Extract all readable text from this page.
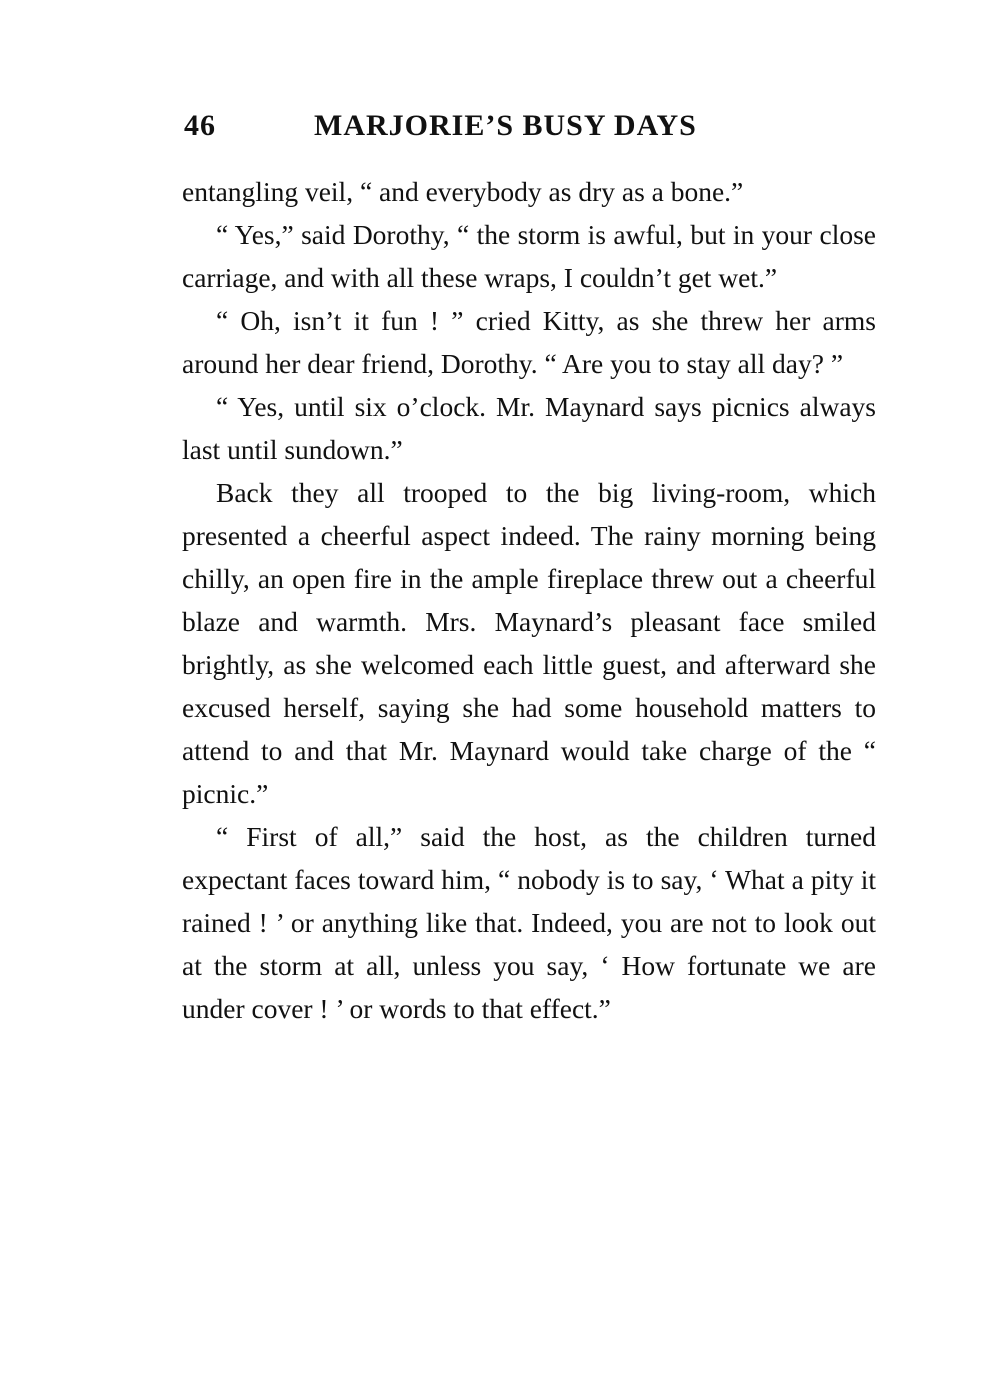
46	MARJORIE’S BUSY DAYS

entangling veil, “ and everybody as dry as a bone.”

“ Yes,” said Dorothy, “ the storm is awful, but in your close carriage, and with all these wraps, I couldn’t get wet.”

“ Oh, isn’t it fun ! ” cried Kitty, as she threw her arms around her dear friend, Dorothy. “ Are you to stay all day? ”

“ Yes, until six o’clock. Mr. Maynard says picnics always last until sundown.”

Back they all trooped to the big living-room, which presented a cheerful aspect indeed. The rainy morning being chilly, an open fire in the ample fireplace threw out a cheerful blaze and warmth. Mrs. Maynard’s pleasant face smiled brightly, as she welcomed each little guest, and afterward she excused herself, saying she had some household matters to attend to and that Mr. Maynard would take charge of the “ picnic.”

“ First of all,” said the host, as the children turned expectant faces toward him, “ nobody is to say, ‘ What a pity it rained ! ’ or anything like that. Indeed, you are not to look out at the storm at all, unless you say, ‘ How fortunate we are under cover ! ’ or words to that effect.”
